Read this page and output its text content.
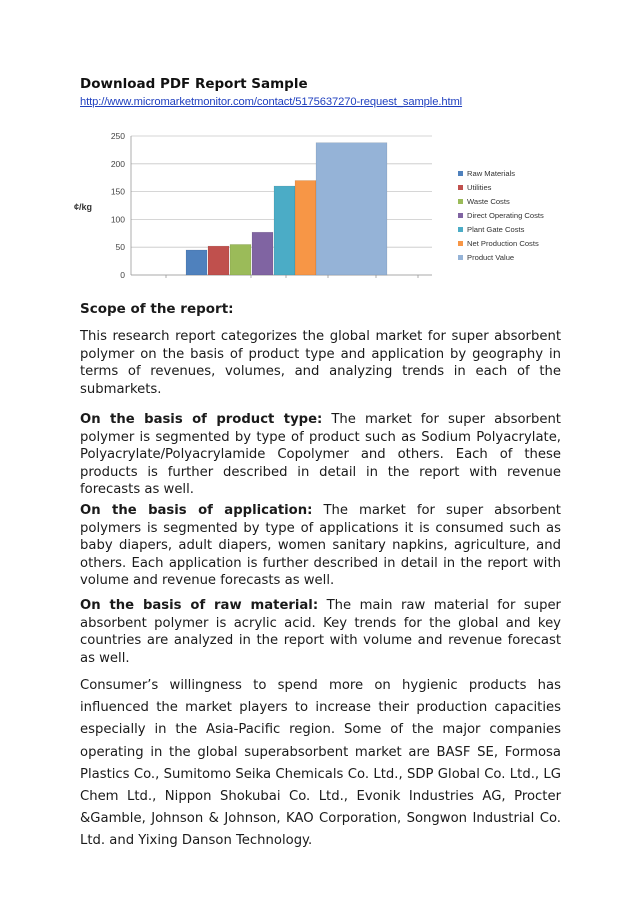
Download PDF Report Sample
http://www.micromarketmonitor.com/contact/5175637270-request_sample.html
0
50
100
150
200
250
¢/kg
Raw Materials
Utilities
Waste Costs
Direct Operating Costs
Plant Gate Costs
Net Production Costs
Product Value
Scope of the report:

This research report categorizes the global market for super absorbent polymer on the basis of product type and application by geography in terms of revenues, volumes, and analyzing trends in each of the submarkets.

On the basis of product type: The market for super absorbent polymer is segmented by type of product such as Sodium Polyacrylate, Polyacrylate/Polyacrylamide Copolymer and others. Each of these products is further described in detail in the report with revenue forecasts as well.

On the basis of application: The market for super absorbent polymers is segmented by type of applications it is consumed such as baby diapers, adult diapers, women sanitary napkins, agriculture, and others. Each application is further described in detail in the report with volume and revenue forecasts as well.

On the basis of raw material: The main raw material for super absorbent polymer is acrylic acid. Key trends for the global and key countries are analyzed in the report with volume and revenue forecast as well.

Consumer’s willingness to spend more on hygienic products has influenced the market players to increase their production capacities especially in the Asia-Pacific region. Some of the major companies operating in the global superabsorbent market are BASF SE, Formosa Plastics Co., Sumitomo Seika Chemicals Co. Ltd., SDP Global Co. Ltd., LG Chem Ltd., Nippon Shokubai Co. Ltd., Evonik Industries AG, Procter &Gamble, Johnson & Johnson, KAO Corporation, Songwon Industrial Co. Ltd. and Yixing Danson Technology.
